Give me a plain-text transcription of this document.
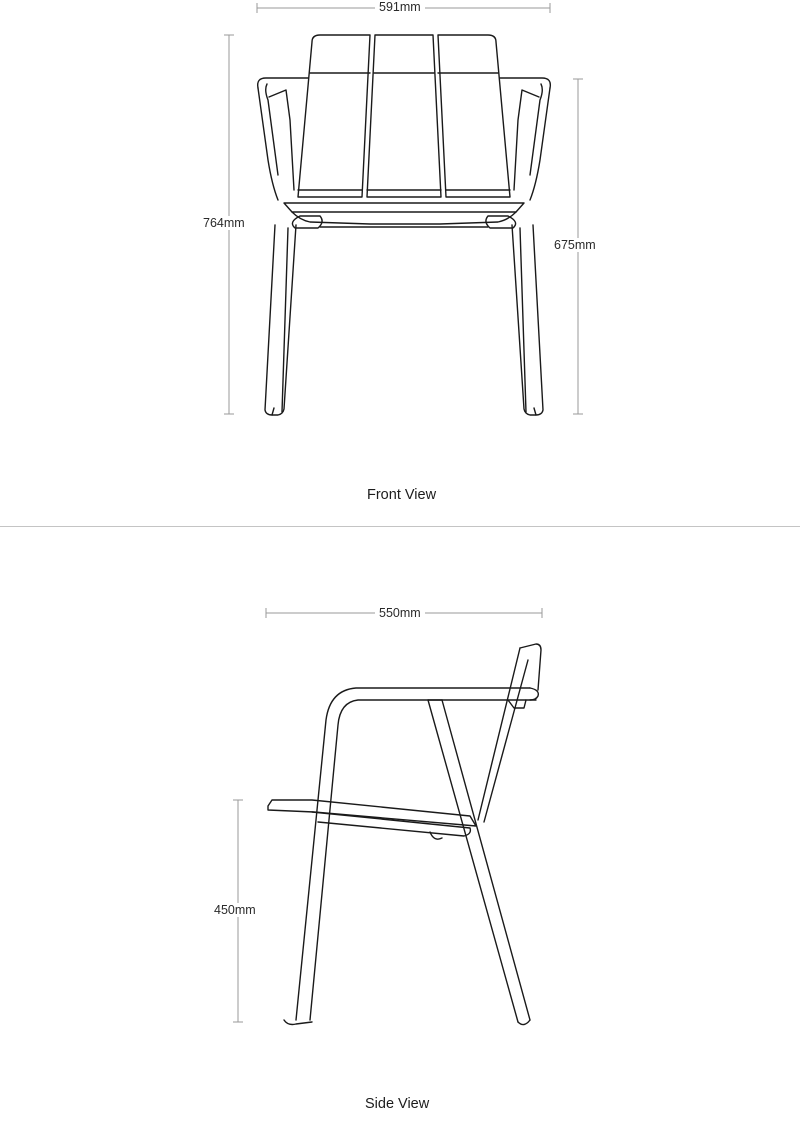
591mm
764mm
675mm
Front View
550mm
450mm
Side View
